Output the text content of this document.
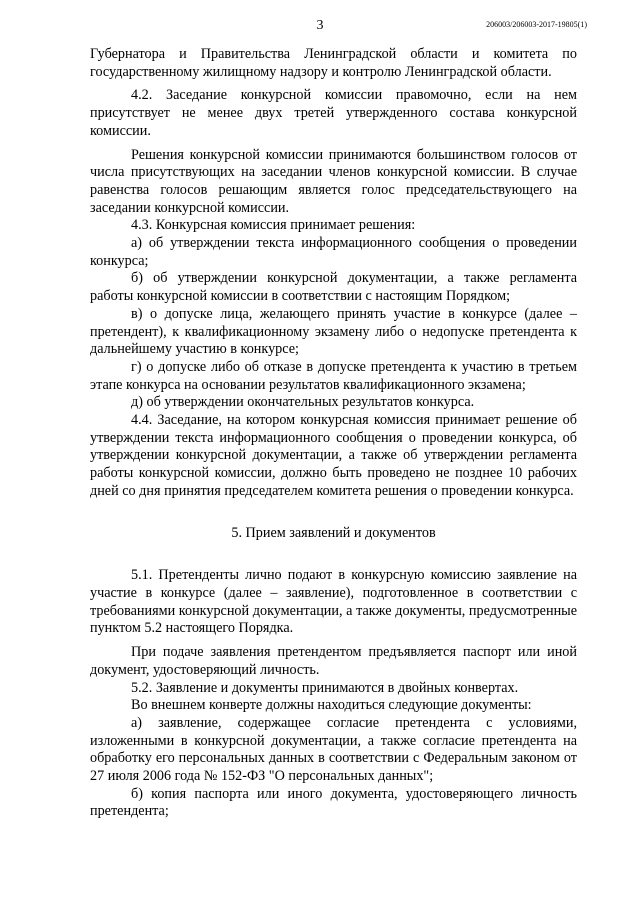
3	206003/206003-2017-19805(1)

Губернатора и Правительства Ленинградской области и комитета по государственному жилищному надзору и контролю Ленинградской области.

4.2. Заседание конкурсной комиссии правомочно, если на нем присутствует не менее двух третей утвержденного состава конкурсной комиссии.

Решения конкурсной комиссии принимаются большинством голосов от числа присутствующих на заседании членов конкурсной комиссии. В случае равенства голосов решающим является голос председательствующего на заседании конкурсной комиссии.

4.3. Конкурсная комиссия принимает решения:

а) об утверждении текста информационного сообщения о проведении конкурса;

б) об утверждении конкурсной документации, а также регламента работы конкурсной комиссии в соответствии с настоящим Порядком;

в) о допуске лица, желающего принять участие в конкурсе (далее – претендент), к квалификационному экзамену либо о недопуске претендента к дальнейшему участию в конкурсе;

г) о допуске либо об отказе в допуске претендента к участию в третьем этапе конкурса на основании результатов квалификационного экзамена;

д) об утверждении окончательных результатов конкурса.

4.4. Заседание, на котором конкурсная комиссия принимает решение об утверждении текста информационного сообщения о проведении конкурса, об утверждении конкурсной документации, а также об утверждении регламента работы конкурсной комиссии, должно быть проведено не позднее 10 рабочих дней со дня принятия председателем комитета решения о проведении конкурса.

5. Прием заявлений и документов

5.1. Претенденты лично подают в конкурсную комиссию заявление на участие в конкурсе (далее – заявление), подготовленное в соответствии с требованиями конкурсной документации, а также документы, предусмотренные пунктом 5.2 настоящего Порядка.

При подаче заявления претендентом предъявляется паспорт или иной документ, удостоверяющий личность.

5.2. Заявление и документы принимаются в двойных конвертах.

Во внешнем конверте должны находиться следующие документы:

а) заявление, содержащее согласие претендента с условиями, изложенными в конкурсной документации, а также согласие претендента на обработку его персональных данных в соответствии с Федеральным законом от 27 июля 2006 года № 152-ФЗ "О персональных данных";

б) копия паспорта или иного документа, удостоверяющего личность претендента;
